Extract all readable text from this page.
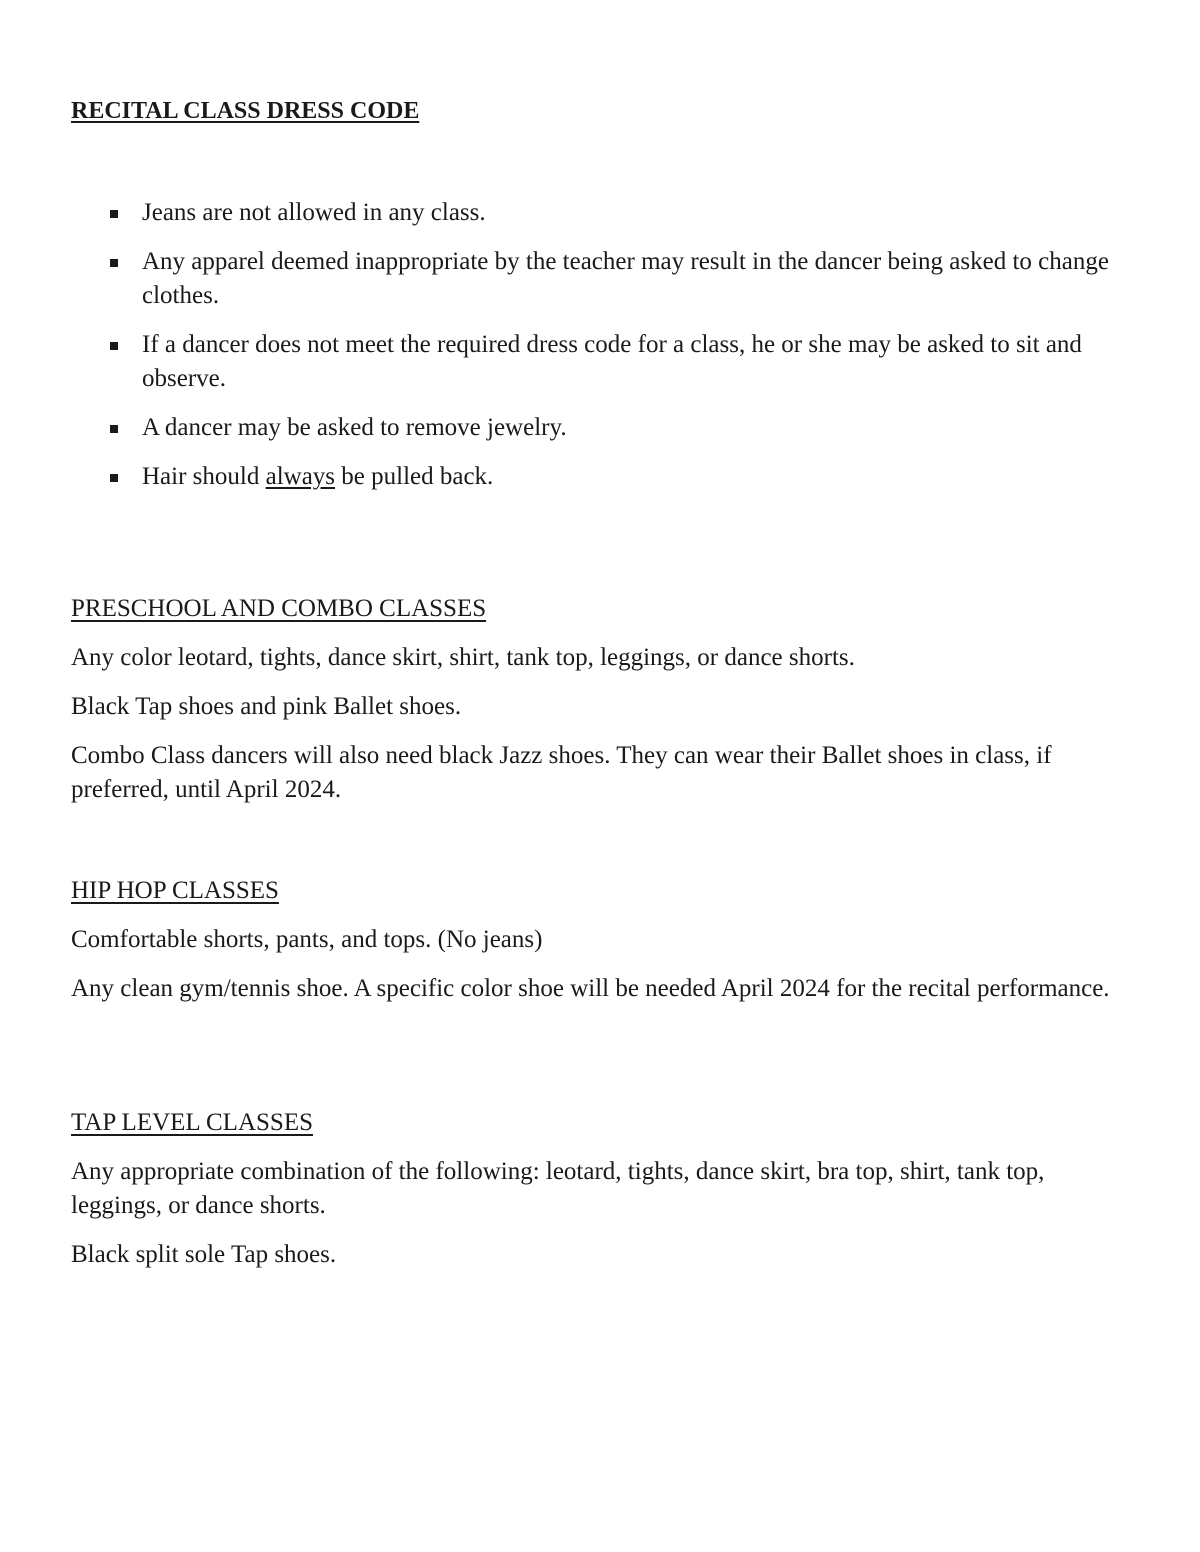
RECITAL CLASS DRESS CODE
Jeans are not allowed in any class.
Any apparel deemed inappropriate by the teacher may result in the dancer being asked to change clothes.
If a dancer does not meet the required dress code for a class, he or she may be asked to sit and observe.
A dancer may be asked to remove jewelry.
Hair should always be pulled back.
PRESCHOOL AND COMBO CLASSES

Any color leotard, tights, dance skirt, shirt, tank top, leggings, or dance shorts.

Black Tap shoes and pink Ballet shoes.

Combo Class dancers will also need black Jazz shoes. They can wear their Ballet shoes in class, if preferred, until April 2024.

HIP HOP CLASSES

Comfortable shorts, pants, and tops. (No jeans)

Any clean gym/tennis shoe. A specific color shoe will be needed April 2024 for the recital performance.

TAP LEVEL CLASSES

Any appropriate combination of the following: leotard, tights, dance skirt, bra top, shirt, tank top, leggings, or dance shorts.

Black split sole Tap shoes.
